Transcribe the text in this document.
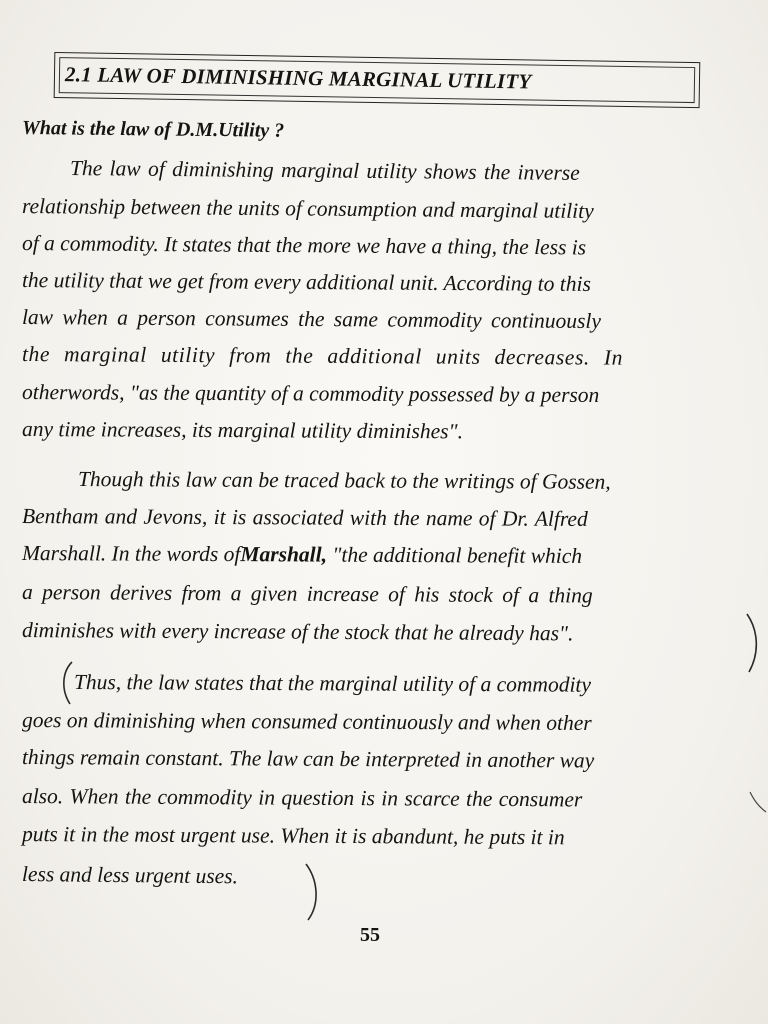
2.1 LAW OF DIMINISHING MARGINAL UTILITY
What is the law of D.M.Utility ?
The law of diminishing marginal utility shows the inverse
relationship between the units of consumption and marginal utility
of a commodity. It states that the more we have a thing, the less is
the utility that we get from every additional unit. According to this
law when a person consumes the same commodity continuously
the marginal utility from the additional units decreases. In
otherwords, "as the quantity of a commodity possessed by a person
any time increases, its marginal utility diminishes".
Though this law can be traced back to the writings of Gossen,
Bentham and Jevons, it is associated with the name of Dr. Alfred
Marshall. In the words ofMarshall, "the additional benefit which
a person derives from a given increase of his stock of a thing
diminishes with every increase of the stock that he already has".
Thus, the law states that the marginal utility of a commodity
goes on diminishing when consumed continuously and when other
things remain constant. The law can be interpreted in another way
also. When the commodity in question is in scarce the consumer
puts it in the most urgent use. When it is abandunt, he puts it in
less and less urgent uses.
55
